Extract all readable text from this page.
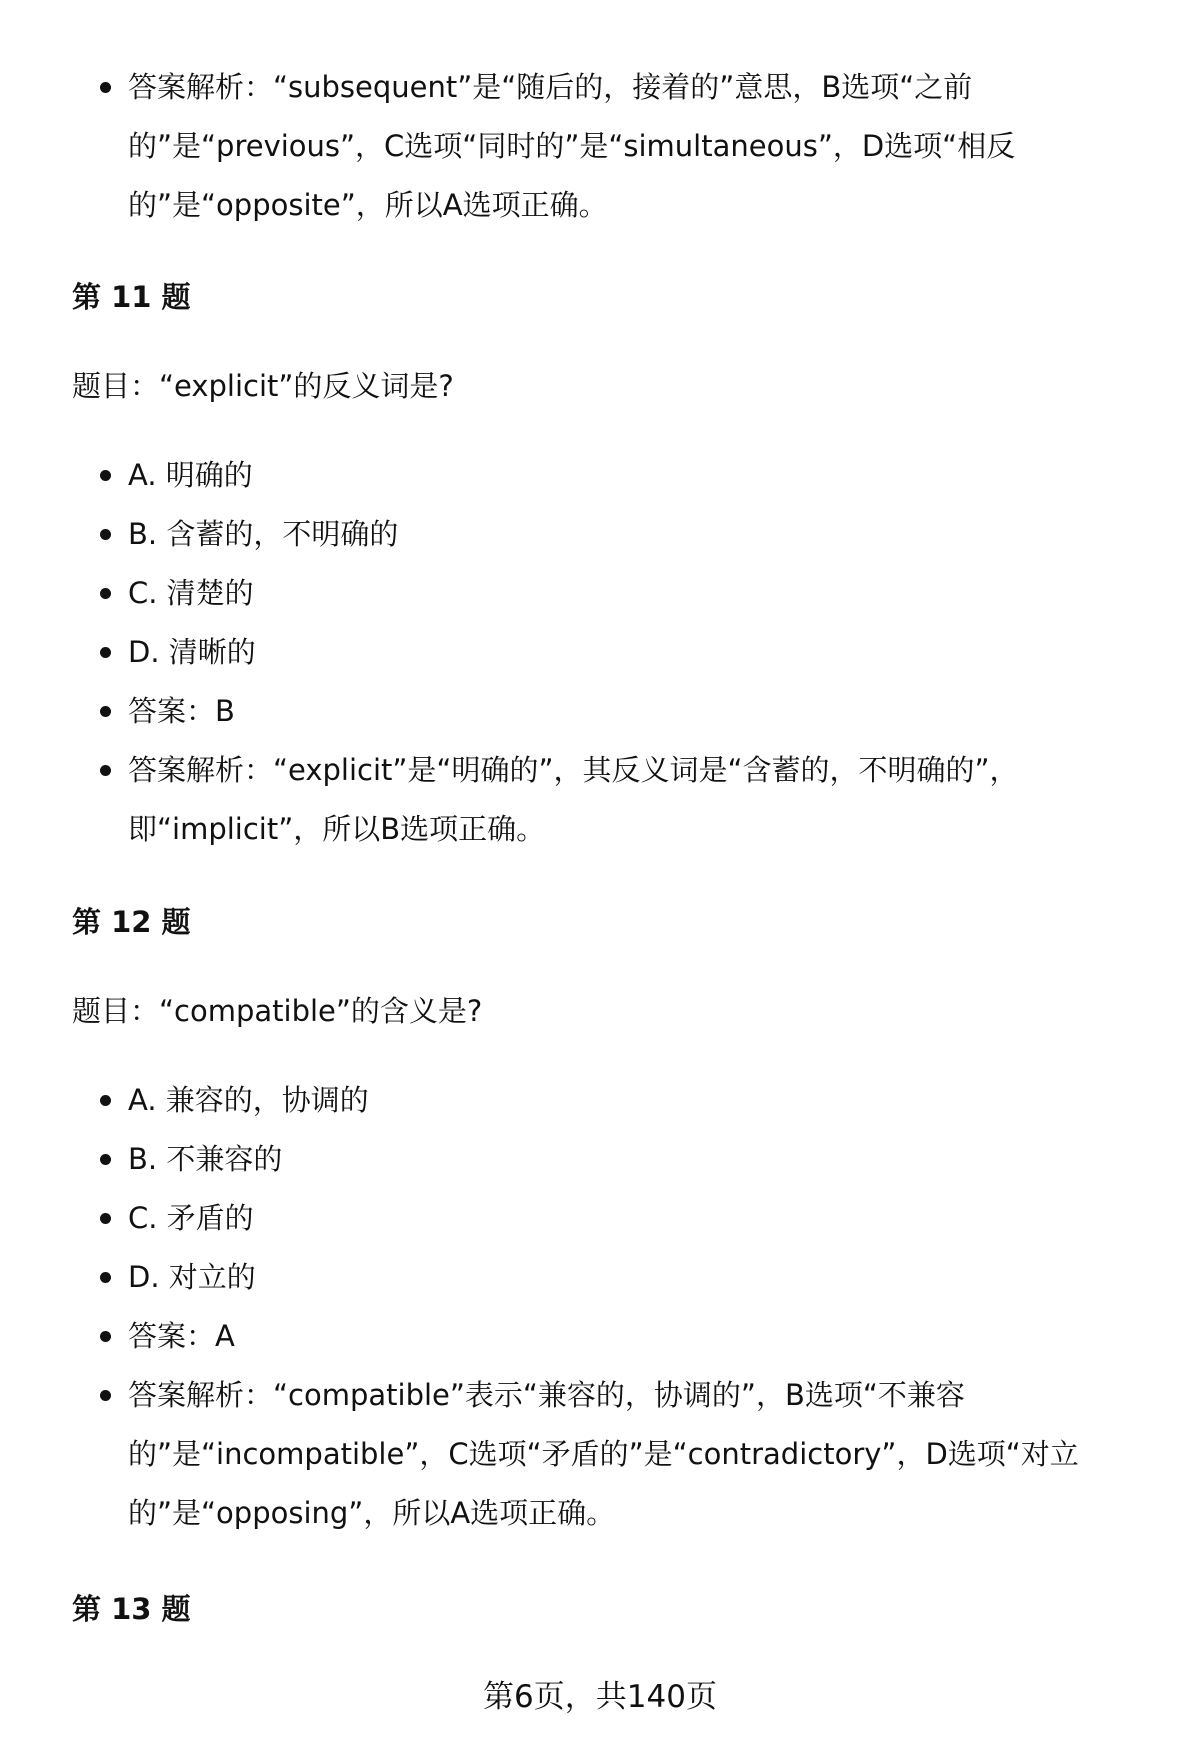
答案解析：“subsequent”是“随后的，接着的”意思，B选项“之前的”是“previous”，C选项“同时的”是“simultaneous”，D选项“相反的”是“opposite”，所以A选项正确。
第 11 题

题目：“explicit”的反义词是?

A. 明确的
B. 含蓄的，不明确的
C. 清楚的
D. 清晰的
答案：B
答案解析：“explicit”是“明确的”，其反义词是“含蓄的，不明确的”，即“implicit”，所以B选项正确。
第 12 题

题目：“compatible”的含义是?

A. 兼容的，协调的
B. 不兼容的
C. 矛盾的
D. 对立的
答案：A
答案解析：“compatible”表示“兼容的，协调的”，B选项“不兼容的”是“incompatible”，C选项“矛盾的”是“contradictory”，D选项“对立的”是“opposing”，所以A选项正确。
第 13 题
第6页，共140页
